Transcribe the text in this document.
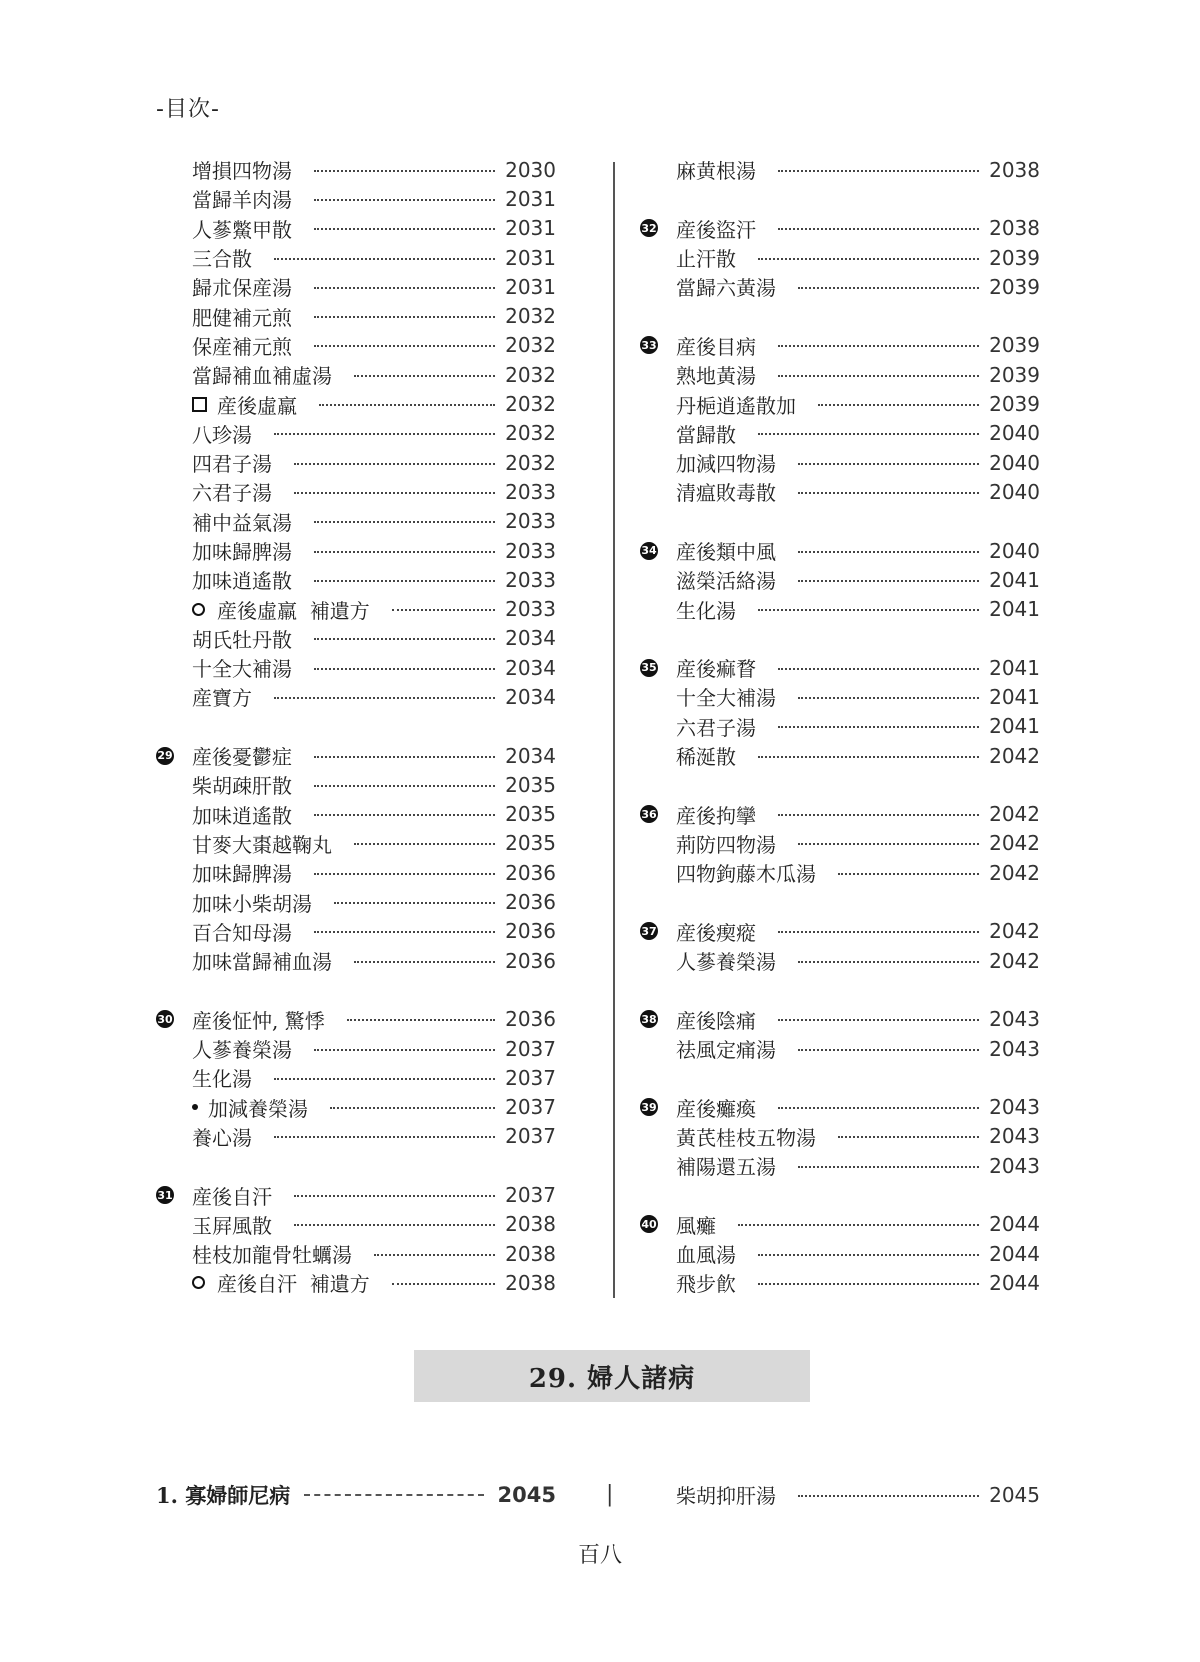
-目次-
增損四物湯	2030
當歸羊肉湯	2031
人蔘鱉甲散	2031
三合散	2031
歸朮保産湯	2031
肥健補元煎	2032
保産補元煎	2032
當歸補血補虛湯	2032
産後虛羸	2032
八珍湯	2032
四君子湯	2032
六君子湯	2033
補中益氣湯	2033
加味歸脾湯	2033
加味逍遙散	2033
産後虛羸  補遺方	2033
胡氏牡丹散	2034
十全大補湯	2034
産寶方	2034
29 産後憂鬱症	2034
柴胡疎肝散	2035
加味逍遙散	2035
甘麥大棗越鞠丸	2035
加味歸脾湯	2036
加味小柴胡湯	2036
百合知母湯	2036
加味當歸補血湯	2036
30 産後怔忡, 驚悸	2036
人蔘養榮湯	2037
生化湯	2037
加減養榮湯	2037
養心湯	2037
31 産後自汗	2037
玉屛風散	2038
桂枝加龍骨牡蠣湯	2038
産後自汗  補遺方	2038
麻黄根湯	2038
32 産後盜汗	2038
止汗散	2039
當歸六黃湯	2039
33 産後目病	2039
熟地黃湯	2039
丹梔逍遙散加	2039
當歸散	2040
加減四物湯	2040
清瘟敗毒散	2040
34 産後類中風	2040
滋榮活絡湯	2041
生化湯	2041
35 産後痲瞀	2041
十全大補湯	2041
六君子湯	2041
稀涎散	2042
36 産後拘攣	2042
荊防四物湯	2042
四物鉤藤木瓜湯	2042
37 産後瘈瘲	2042
人蔘養榮湯	2042
38 産後陰痛	2043
祛風定痛湯	2043
39 産後癱瘓	2043
黃芪桂枝五物湯	2043
補陽還五湯	2043
40 風癱	2044
血風湯	2044
飛步飮	2044
29. 婦人諸病
1. 寡婦師尼病	2045 |	柴胡抑肝湯	2045
百八
